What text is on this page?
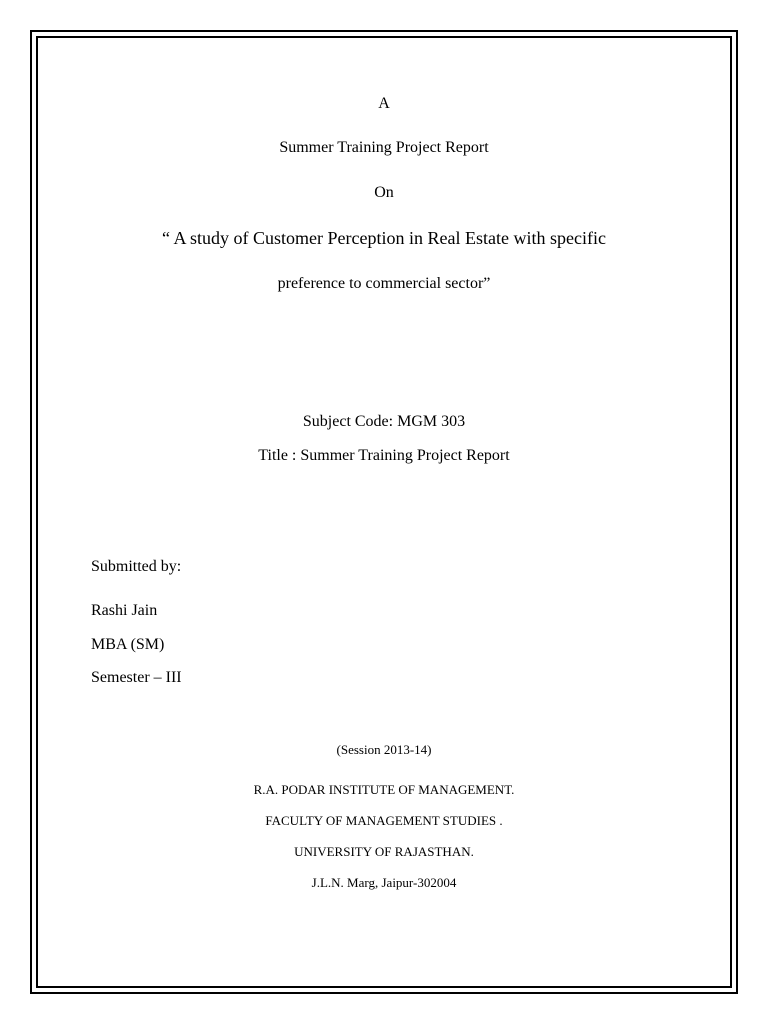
A
Summer Training Project Report
On
“ A study of Customer Perception in Real Estate with specific
preference to commercial sector”
Subject Code: MGM 303
Title : Summer Training Project Report
Submitted by:
Rashi Jain
MBA (SM)
Semester – III
(Session 2013-14)
R.A. PODAR INSTITUTE OF MANAGEMENT.
FACULTY OF MANAGEMENT STUDIES .
UNIVERSITY OF RAJASTHAN.
J.L.N. Marg, Jaipur-302004
